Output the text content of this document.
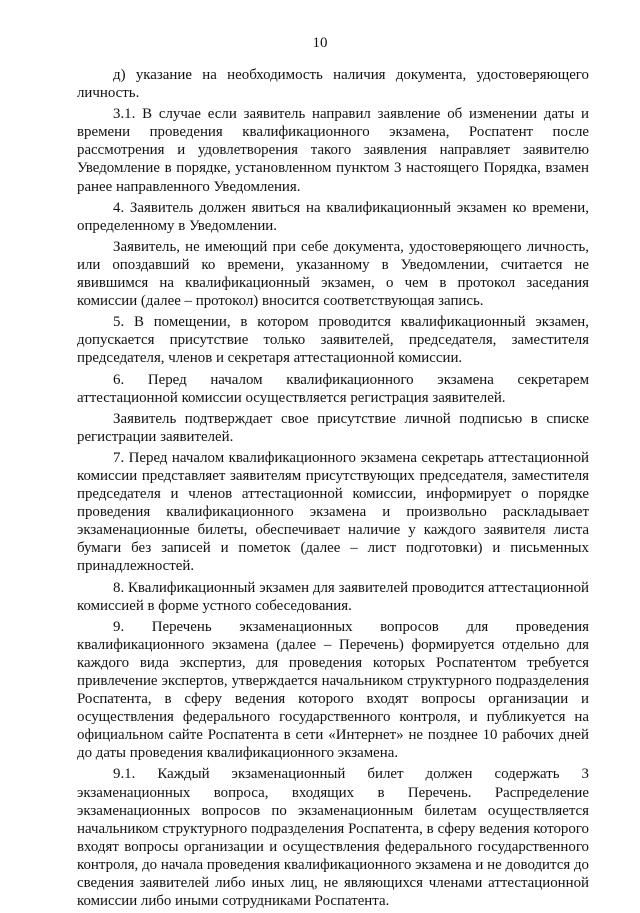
10

д) указание на необходимость наличия документа, удостоверяющего личность.

3.1. В случае если заявитель направил заявление об изменении даты и времени проведения квалификационного экзамена, Роспатент после рассмотрения и удовлетворения такого заявления направляет заявителю Уведомление в порядке, установленном пунктом 3 настоящего Порядка, взамен ранее направленного Уведомления.

4. Заявитель должен явиться на квалификационный экзамен ко времени, определенному в Уведомлении.

Заявитель, не имеющий при себе документа, удостоверяющего личность, или опоздавший ко времени, указанному в Уведомлении, считается не явившимся на квалификационный экзамен, о чем в протокол заседания комиссии (далее – протокол) вносится соответствующая запись.

5. В помещении, в котором проводится квалификационный экзамен, допускается присутствие только заявителей, председателя, заместителя председателя, членов и секретаря аттестационной комиссии.

6. Перед началом квалификационного экзамена секретарем аттестационной комиссии осуществляется регистрация заявителей.

Заявитель подтверждает свое присутствие личной подписью в списке регистрации заявителей.

7. Перед началом квалификационного экзамена секретарь аттестационной комиссии представляет заявителям присутствующих председателя, заместителя председателя и членов аттестационной комиссии, информирует о порядке проведения квалификационного экзамена и произвольно раскладывает экзаменационные билеты, обеспечивает наличие у каждого заявителя листа бумаги без записей и пометок (далее – лист подготовки) и письменных принадлежностей.

8. Квалификационный экзамен для заявителей проводится аттестационной комиссией в форме устного собеседования.

9. Перечень экзаменационных вопросов для проведения квалификационного экзамена (далее – Перечень) формируется отдельно для каждого вида экспертиз, для проведения которых Роспатентом требуется привлечение экспертов, утверждается начальником структурного подразделения Роспатента, в сферу ведения которого входят вопросы организации и осуществления федерального государственного контроля, и публикуется на официальном сайте Роспатента в сети «Интернет» не позднее 10 рабочих дней до даты проведения квалификационного экзамена.

9.1. Каждый экзаменационный билет должен содержать 3 экзаменационных вопроса, входящих в Перечень. Распределение экзаменационных вопросов по экзаменационным билетам осуществляется начальником структурного подразделения Роспатента, в сферу ведения которого входят вопросы организации и осуществления федерального государственного контроля, до начала проведения квалификационного экзамена и не доводится до сведения заявителей либо иных лиц, не являющихся членами аттестационной комиссии либо иными сотрудниками Роспатента.
